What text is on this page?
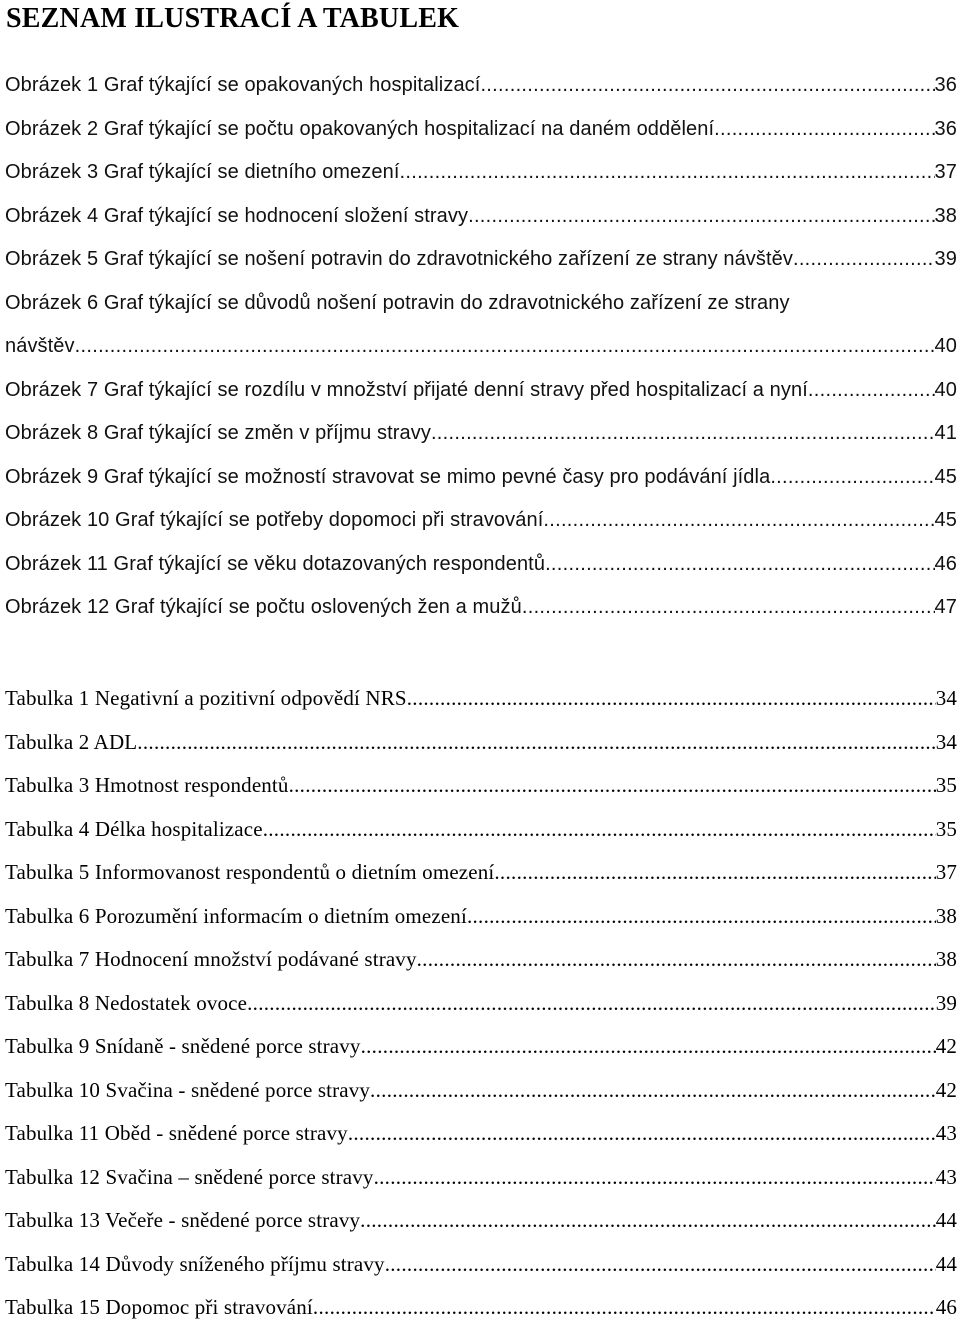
SEZNAM ILUSTRACÍ A TABULEK
Obrázek 1 Graf týkající se opakovaných hospitalizací .....	36
Obrázek 2 Graf týkající se počtu opakovaných hospitalizací na daném oddělení .....	36
Obrázek 3 Graf týkající se dietního omezení .....	37
Obrázek 4 Graf týkající se hodnocení složení stravy .....	38
Obrázek 5 Graf týkající se nošení potravin do zdravotnického zařízení ze strany návštěv .....	39
Obrázek 6 Graf týkající se důvodů nošení potravin do zdravotnického zařízení ze strany
návštěv .....	40
Obrázek 7 Graf týkající se rozdílu v množství přijaté denní stravy před hospitalizací a nyní .....	40
Obrázek 8 Graf týkající se změn v příjmu stravy .....	41
Obrázek 9 Graf týkající se možností stravovat se mimo pevné časy pro podávání jídla .....	45
Obrázek 10 Graf týkající se potřeby dopomoci při stravování .....	45
Obrázek 11 Graf týkající se věku dotazovaných respondentů .....	46
Obrázek 12 Graf týkající se počtu oslovených žen a mužů .....	47
Tabulka 1 Negativní a pozitivní odpovědí NRS .....	34
Tabulka 2 ADL .....	34
Tabulka 3 Hmotnost respondentů .....	35
Tabulka 4 Délka hospitalizace .....	35
Tabulka 5 Informovanost respondentů o dietním omezení .....	37
Tabulka 6 Porozumění informacím o dietním omezení .....	38
Tabulka 7 Hodnocení množství podávané stravy .....	38
Tabulka 8 Nedostatek ovoce .....	39
Tabulka 9 Snídaně - snědené porce stravy .....	42
Tabulka 10 Svačina - snědené porce stravy .....	42
Tabulka 11 Oběd - snědené porce stravy .....	43
Tabulka 12 Svačina – snědené porce stravy .....	43
Tabulka 13 Večeře - snědené porce stravy .....	44
Tabulka 14 Důvody sníženého příjmu stravy .....	44
Tabulka 15 Dopomoc při stravování .....	46
